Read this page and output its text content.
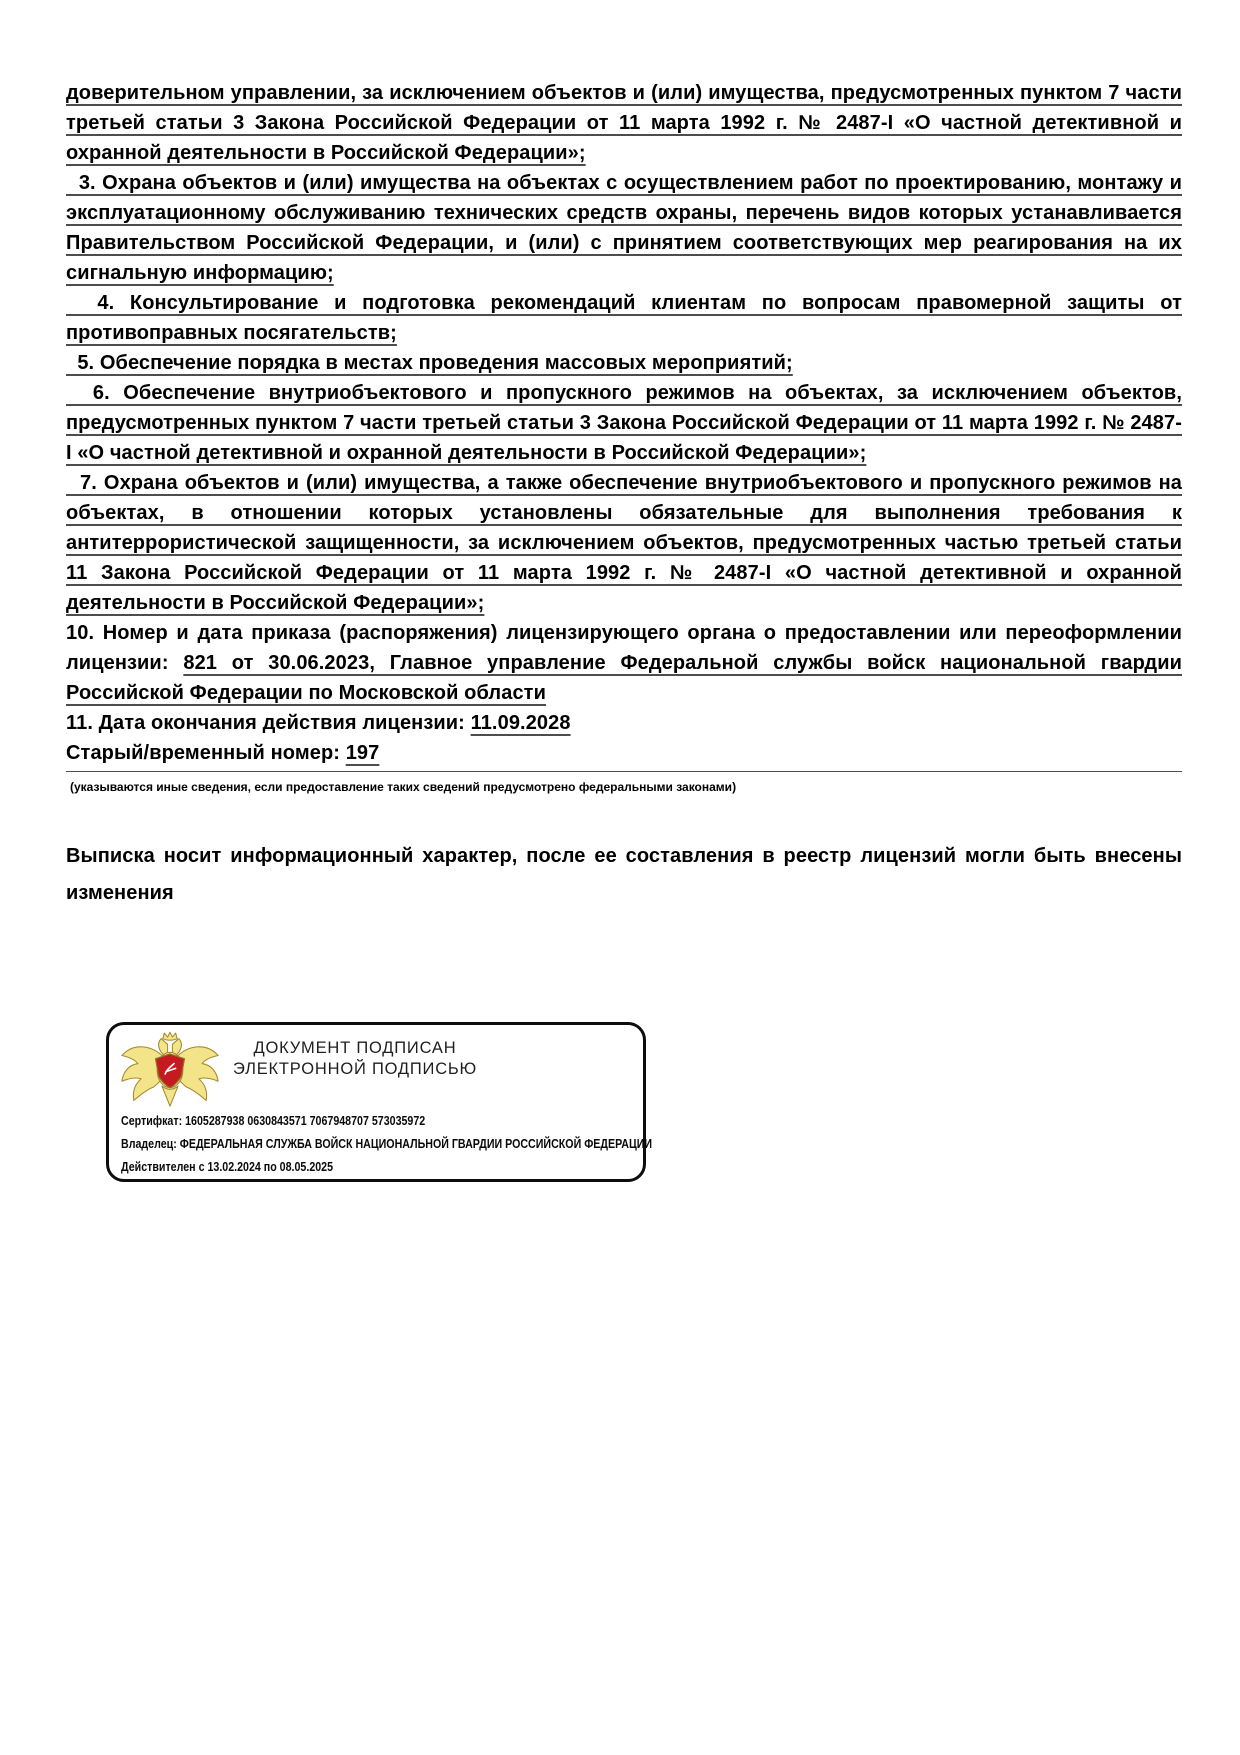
доверительном управлении, за исключением объектов и (или) имущества, предусмотренных пунктом 7 части третьей статьи 3 Закона Российской Федерации от 11 марта 1992 г. № 2487-I «О частной детективной и охранной деятельности в Российской Федерации»;

3. Охрана объектов и (или) имущества на объектах с осуществлением работ по проектированию, монтажу и эксплуатационному обслуживанию технических средств охраны, перечень видов которых устанавливается Правительством Российской Федерации, и (или) с принятием соответствующих мер реагирования на их сигнальную информацию;

4. Консультирование и подготовка рекомендаций клиентам по вопросам правомерной защиты от противоправных посягательств;

5. Обеспечение порядка в местах проведения массовых мероприятий;

6. Обеспечение внутриобъектового и пропускного режимов на объектах, за исключением объектов, предусмотренных пунктом 7 части третьей статьи 3 Закона Российской Федерации от 11 марта 1992 г. № 2487-I «О частной детективной и охранной деятельности в Российской Федерации»;

7. Охрана объектов и (или) имущества, а также обеспечение внутриобъектового и пропускного режимов на объектах, в отношении которых установлены обязательные для выполнения требования к антитеррористической защищенности, за исключением объектов, предусмотренных частью третьей статьи 11 Закона Российской Федерации от 11 марта 1992 г. № 2487-I «О частной детективной и охранной деятельности в Российской Федерации»;

10. Номер и дата приказа (распоряжения) лицензирующего органа о предоставлении или переоформлении лицензии: 821 от 30.06.2023, Главное управление Федеральной службы войск национальной гвардии Российской Федерации по Московской области

11. Дата окончания действия лицензии: 11.09.2028

Старый/временный номер: 197

(указываются иные сведения, если предоставление таких сведений предусмотрено федеральными законами)

Выписка носит информационный характер, после ее составления в реестр лицензий могли быть внесены изменения

ДОКУМЕНТ ПОДПИСАН
ЭЛЕКТРОННОЙ ПОДПИСЬЮ
Сертифкат: 1605287938 0630843571 7067948707 573035972
Владелец: ФЕДЕРАЛЬНАЯ СЛУЖБА ВОЙСК НАЦИОНАЛЬНОЙ ГВАРДИИ РОССИЙСКОЙ ФЕДЕРАЦИИ
Действителен с 13.02.2024 по 08.05.2025
